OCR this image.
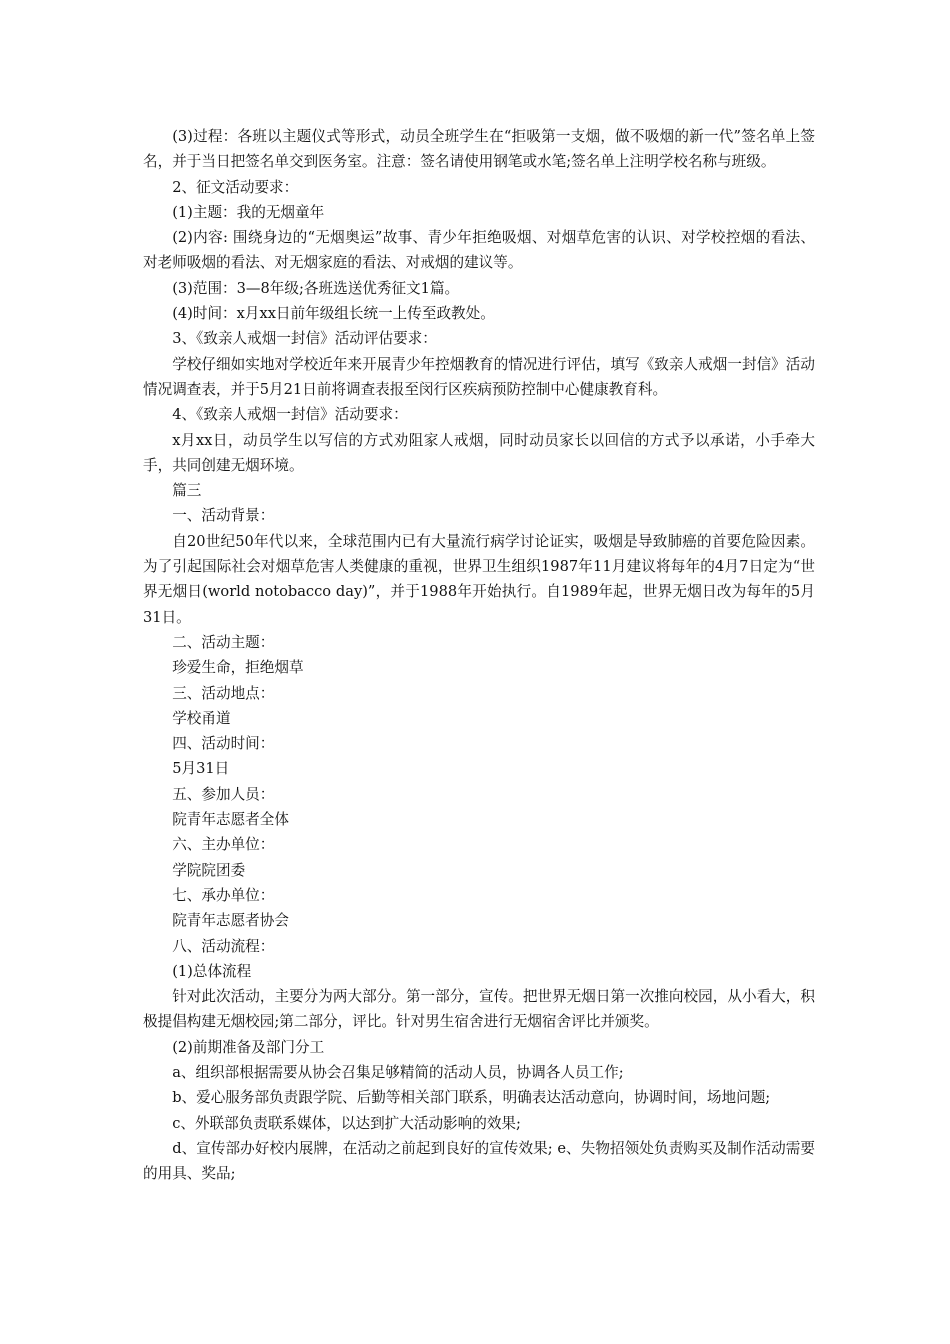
(3)过程：各班以主题仪式等形式，动员全班学生在“拒吸第一支烟，做不吸烟的新一代”签名单上签名，并于当日把签名单交到医务室。注意：签名请使用钢笔或水笔;签名单上注明学校名称与班级。

2、征文活动要求：

(1)主题：我的无烟童年

(2)内容: 围绕身边的“无烟奥运”故事、青少年拒绝吸烟、对烟草危害的认识、对学校控烟的看法、对老师吸烟的看法、对无烟家庭的看法、对戒烟的建议等。

(3)范围：3—8年级;各班选送优秀征文1篇。

(4)时间：x月xx日前年级组长统一上传至政教处。

3、《致亲人戒烟一封信》活动评估要求：

学校仔细如实地对学校近年来开展青少年控烟教育的情况进行评估，填写《致亲人戒烟一封信》活动情况调查表，并于5月21日前将调查表报至闵行区疾病预防控制中心健康教育科。

4、《致亲人戒烟一封信》活动要求：

x月xx日，动员学生以写信的方式劝阻家人戒烟，同时动员家长以回信的方式予以承诺，小手牵大手，共同创建无烟环境。

篇三

一、活动背景：

自20世纪50年代以来，全球范围内已有大量流行病学讨论证实，吸烟是导致肺癌的首要危险因素。为了引起国际社会对烟草危害人类健康的重视，世界卫生组织1987年11月建议将每年的4月7日定为“世界无烟日(world notobacco day)”，并于1988年开始执行。自1989年起，世界无烟日改为每年的5月31日。

二、活动主题：

珍爱生命，拒绝烟草

三、活动地点：

学校甬道

四、活动时间：

5月31日

五、参加人员：

院青年志愿者全体

六、主办单位：

学院院团委

七、承办单位：

院青年志愿者协会

八、活动流程：

(1)总体流程

针对此次活动，主要分为两大部分。第一部分，宣传。把世界无烟日第一次推向校园，从小看大，积极提倡构建无烟校园;第二部分，评比。针对男生宿舍进行无烟宿舍评比并颁奖。

(2)前期准备及部门分工

a、组织部根据需要从协会召集足够精简的活动人员，协调各人员工作;

b、爱心服务部负责跟学院、后勤等相关部门联系，明确表达活动意向，协调时间，场地问题;

c、外联部负责联系媒体，以达到扩大活动影响的效果;

d、宣传部办好校内展牌，在活动之前起到良好的宣传效果; e、失物招领处负责购买及制作活动需要的用具、奖品;
